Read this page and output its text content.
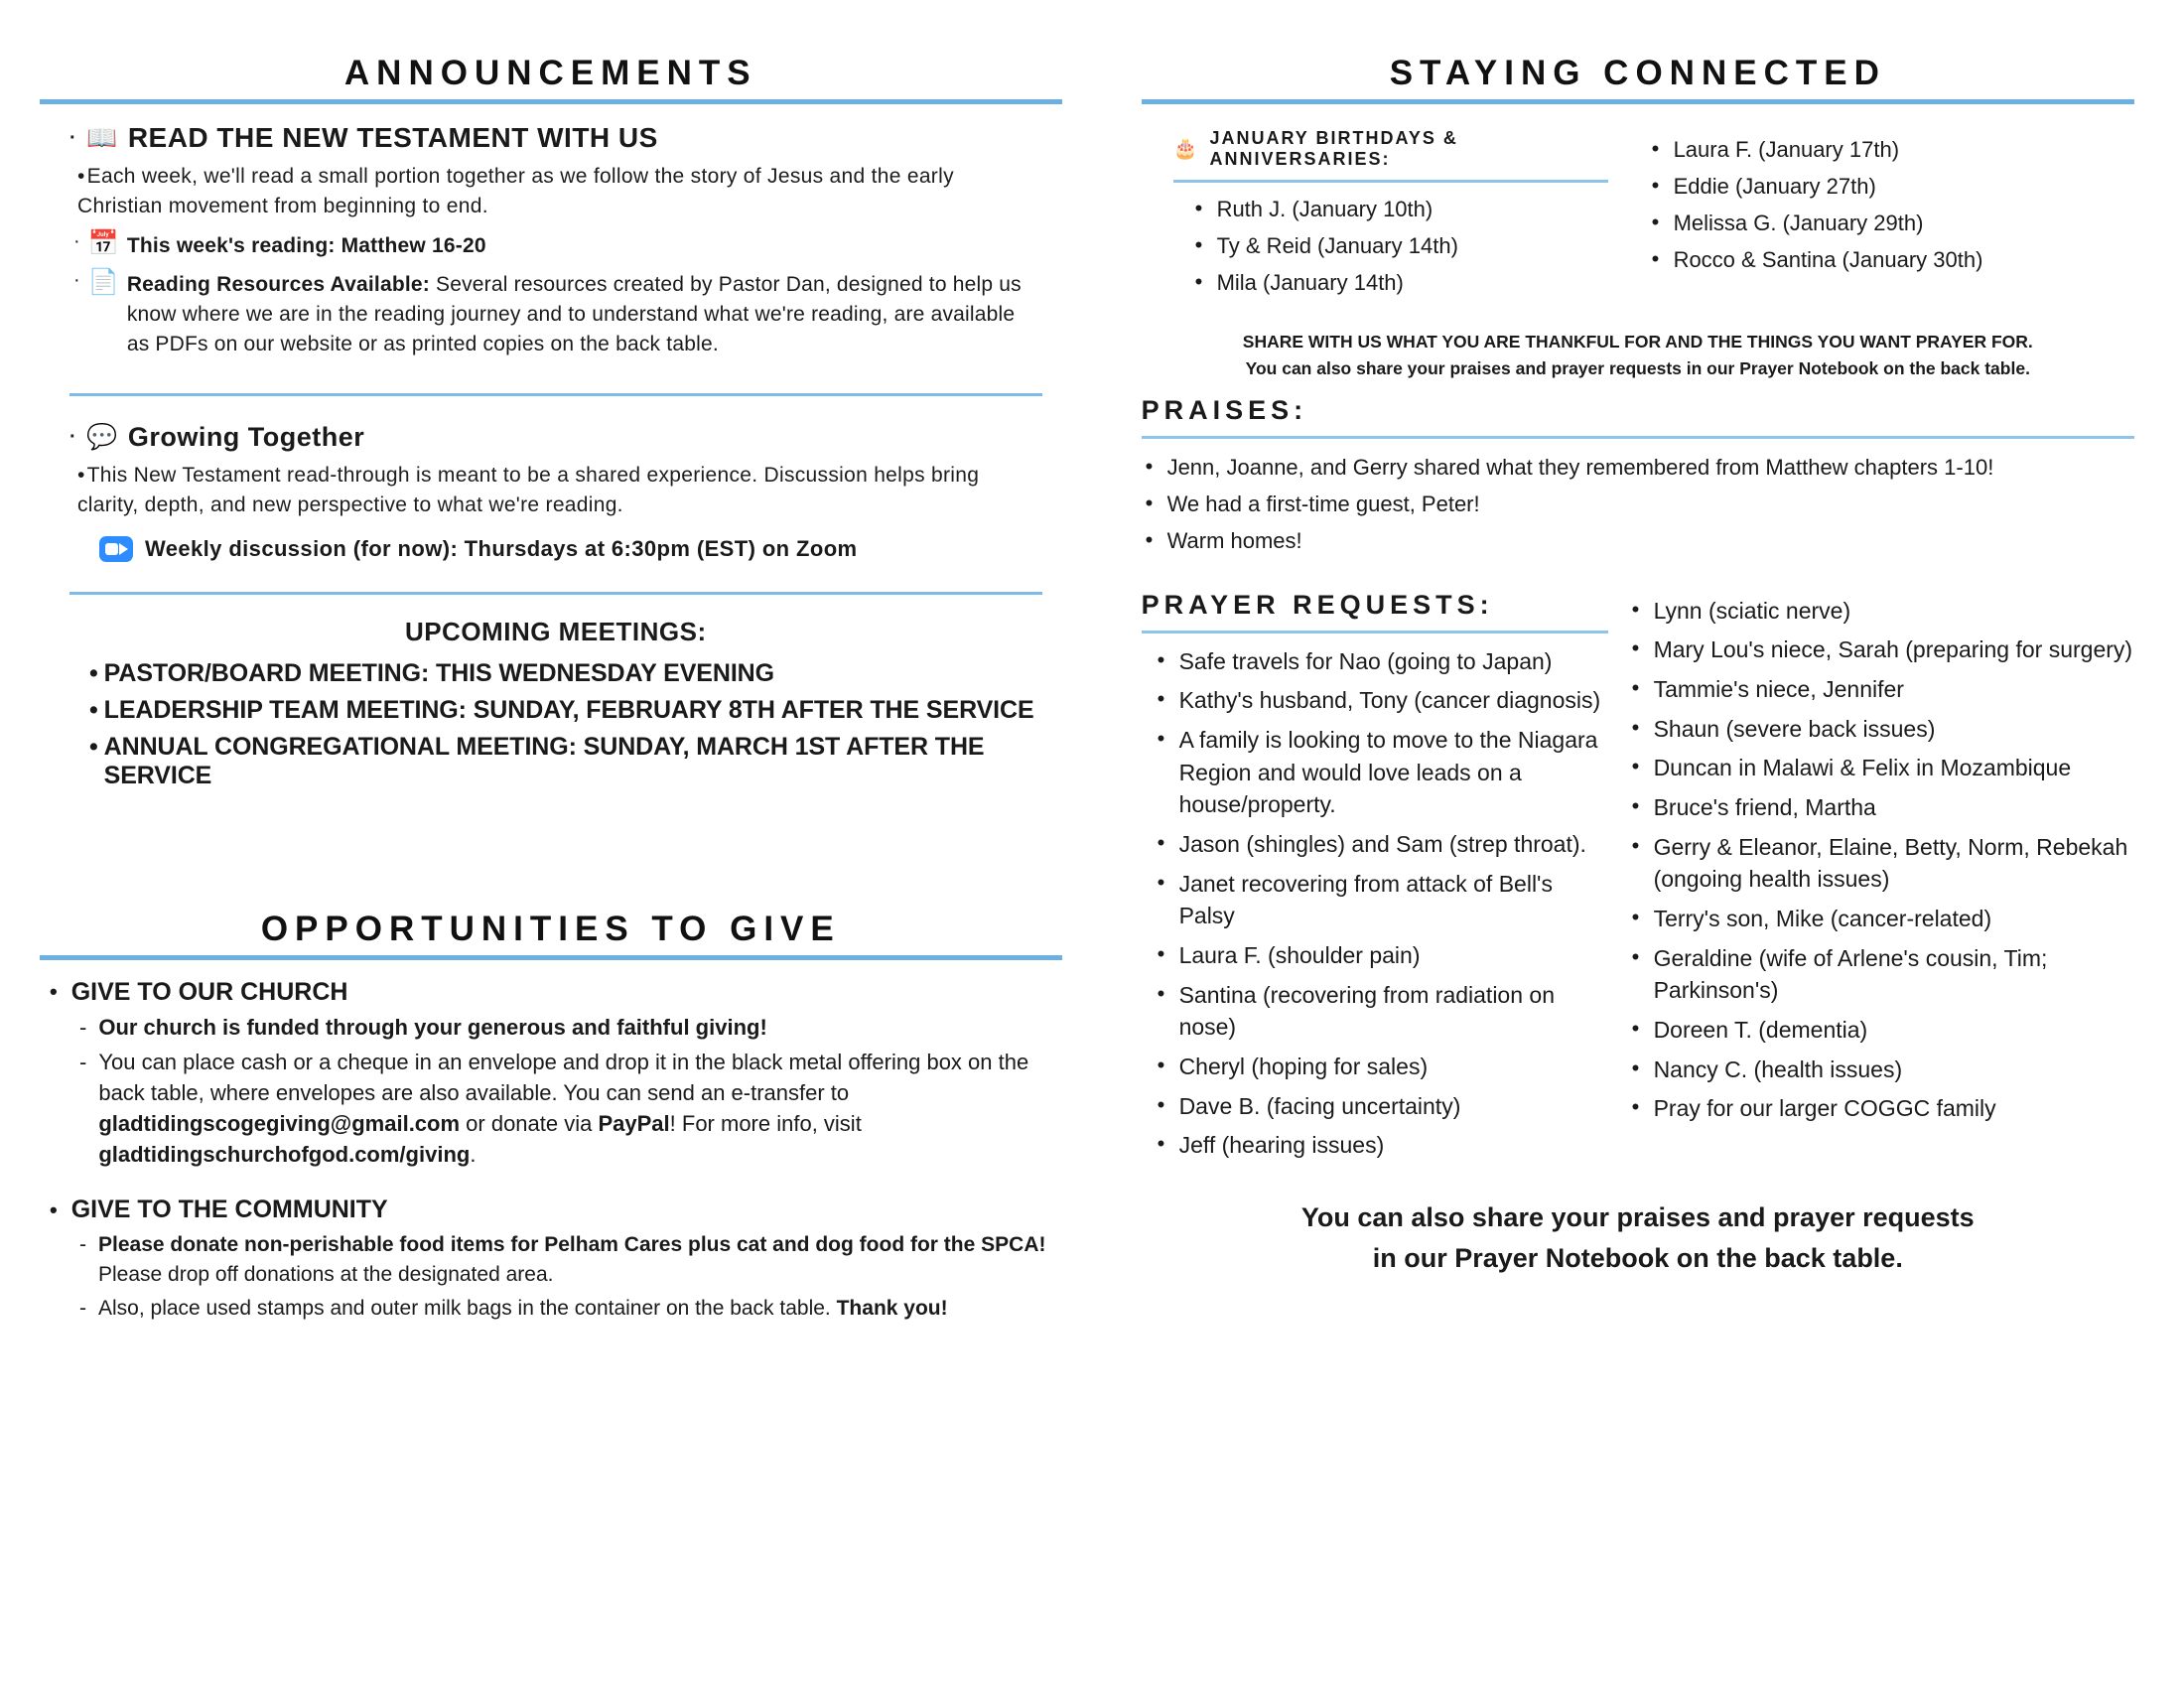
ANNOUNCEMENTS
· 📖 READ THE NEW TESTAMENT WITH US
•Each week, we'll read a small portion together as we follow the story of Jesus and the early Christian movement from beginning to end.
· 📅 This week's reading: Matthew 16-20
· 📄 Reading Resources Available: Several resources created by Pastor Dan, designed to help us know where we are in the reading journey and to understand what we're reading, are available as PDFs on our website or as printed copies on the back table.
· 💬 Growing Together
•This New Testament read-through is meant to be a shared experience. Discussion helps bring clarity, depth, and new perspective to what we're reading.
Weekly discussion (for now): Thursdays at 6:30pm (EST) on Zoom
UPCOMING MEETINGS:
• PASTOR/BOARD MEETING: THIS WEDNESDAY EVENING
• LEADERSHIP TEAM MEETING: SUNDAY, FEBRUARY 8TH AFTER THE SERVICE
• ANNUAL CONGREGATIONAL MEETING: SUNDAY, MARCH 1ST AFTER THE SERVICE
OPPORTUNITIES TO GIVE
• GIVE TO OUR CHURCH
- Our church is funded through your generous and faithful giving!
- You can place cash or a cheque in an envelope and drop it in the black metal offering box on the back table, where envelopes are also available. You can send an e-transfer to gladtidingscogegiving@gmail.com or donate via PayPal! For more info, visit gladtidingschurchofgod.com/giving.
• GIVE TO THE COMMUNITY
- Please donate non-perishable food items for Pelham Cares plus cat and dog food for the SPCA! Please drop off donations at the designated area.
- Also, place used stamps and outer milk bags in the container on the back table. Thank you!
STAYING CONNECTED
🎂 JANUARY BIRTHDAYS & ANNIVERSARIES:
• Ruth J. (January 10th)
• Ty & Reid (January 14th)
• Mila (January 14th)
• Laura F. (January 17th)
• Eddie (January 27th)
• Melissa G. (January 29th)
• Rocco & Santina (January 30th)
SHARE WITH US WHAT YOU ARE THANKFUL FOR AND THE THINGS YOU WANT PRAYER FOR.
You can also share your praises and prayer requests in our Prayer Notebook on the back table.
PRAISES:
• Jenn, Joanne, and Gerry shared what they remembered from Matthew chapters 1-10!
• We had a first-time guest, Peter!
• Warm homes!
PRAYER REQUESTS:
• Safe travels for Nao (going to Japan)
• Kathy's husband, Tony (cancer diagnosis)
• A family is looking to move to the Niagara Region and would love leads on a house/property.
• Jason (shingles) and Sam (strep throat).
• Janet recovering from attack of Bell's Palsy
• Laura F. (shoulder pain)
• Santina (recovering from radiation on nose)
• Cheryl (hoping for sales)
• Dave B. (facing uncertainty)
• Jeff (hearing issues)
• Lynn (sciatic nerve)
• Mary Lou's niece, Sarah (preparing for surgery)
• Tammie's niece, Jennifer
• Shaun (severe back issues)
• Duncan in Malawi & Felix in Mozambique
• Bruce's friend, Martha
• Gerry & Eleanor, Elaine, Betty, Norm, Rebekah (ongoing health issues)
• Terry's son, Mike (cancer-related)
• Geraldine (wife of Arlene's cousin, Tim; Parkinson's)
• Doreen T. (dementia)
• Nancy C. (health issues)
• Pray for our larger COGGC family
You can also share your praises and prayer requests
in our Prayer Notebook on the back table.
